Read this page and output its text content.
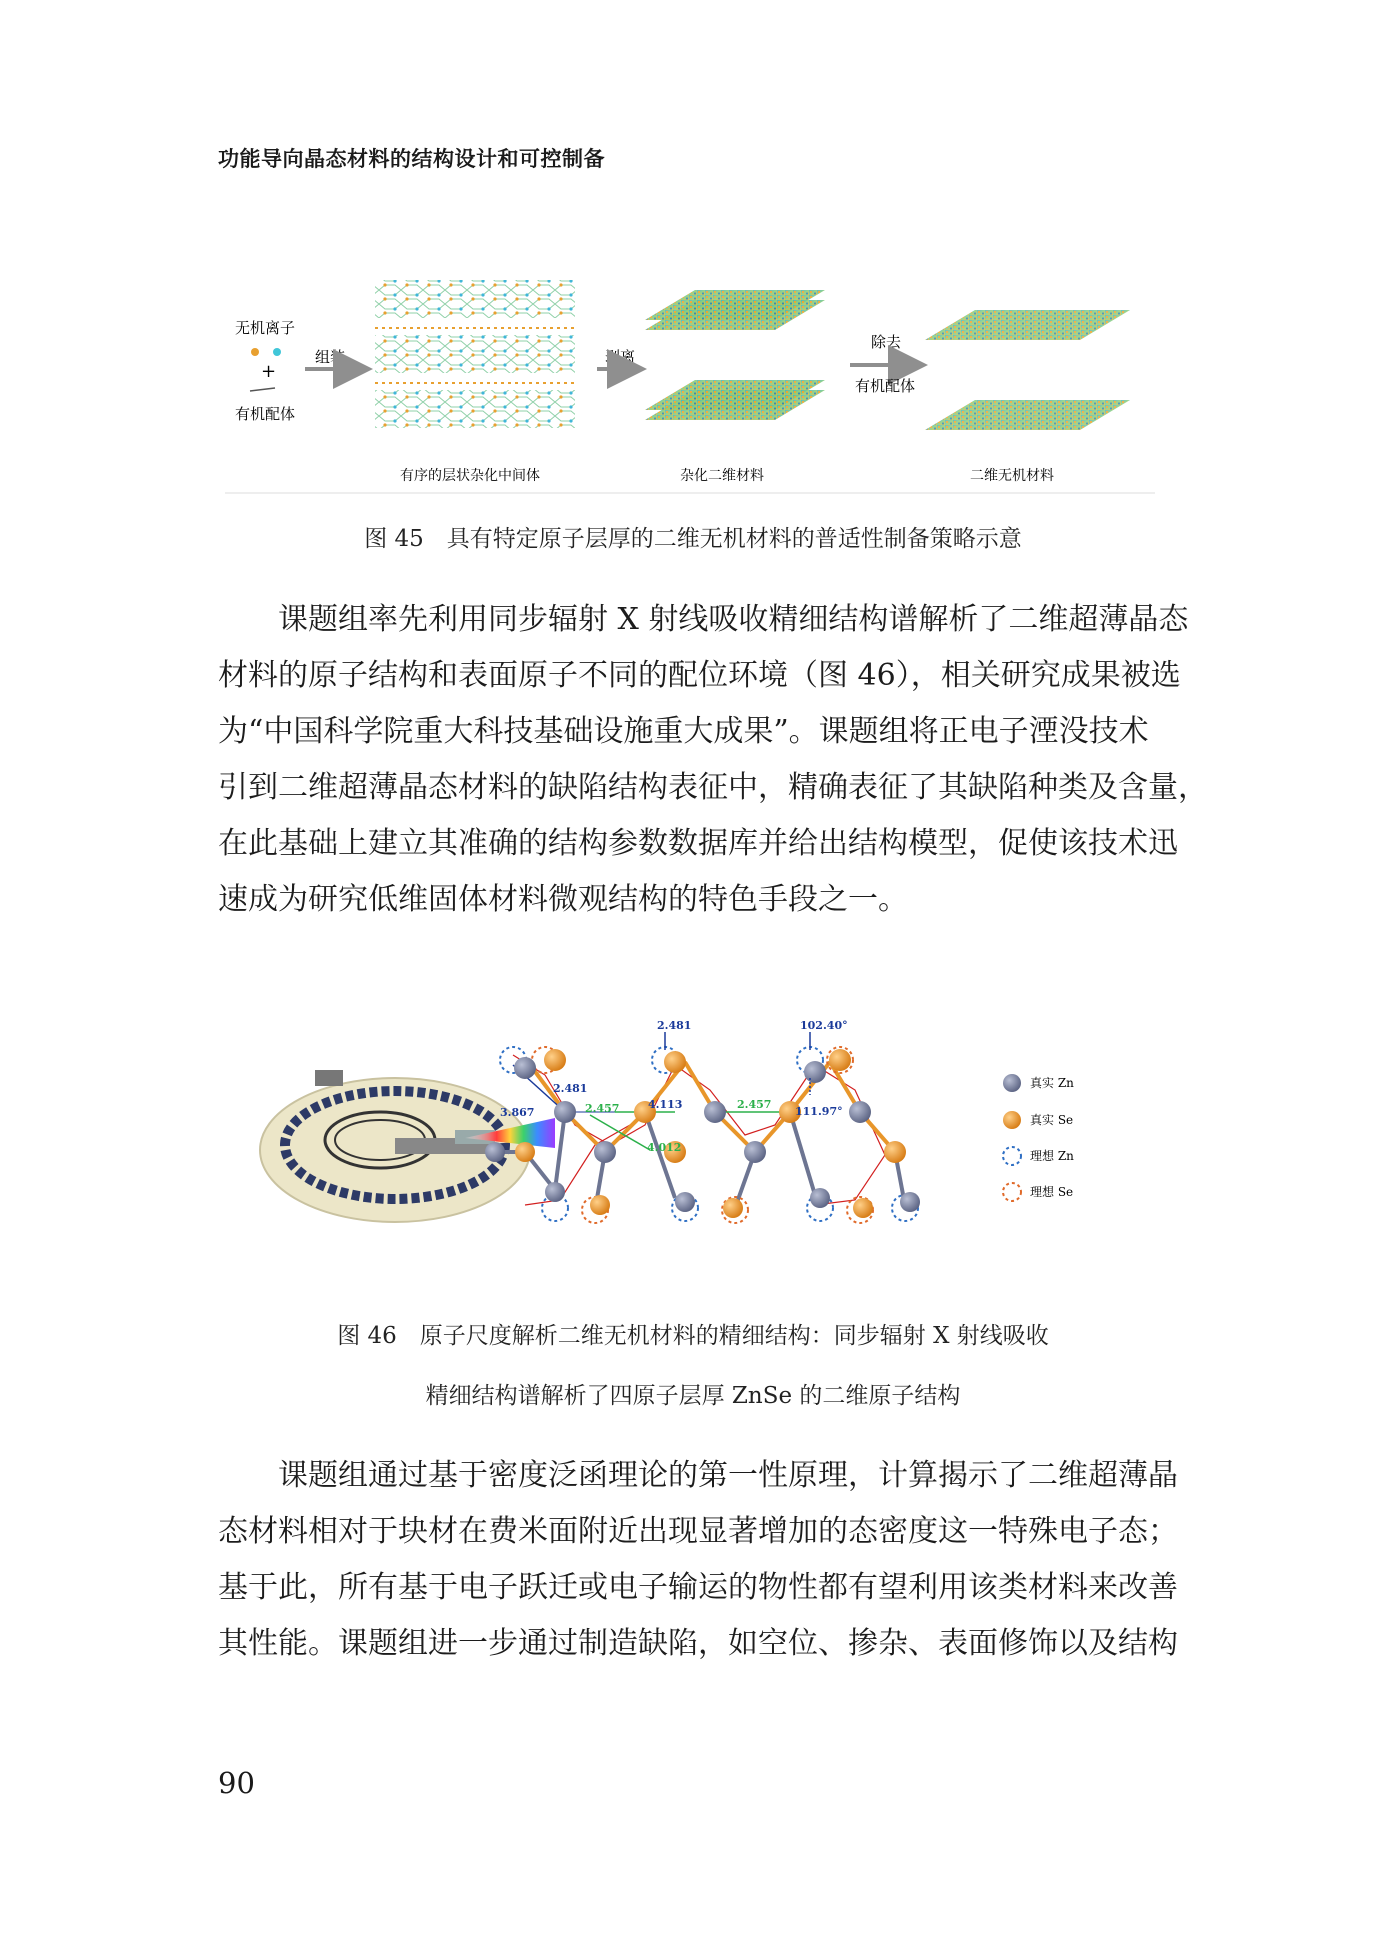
功能导向晶态材料的结构设计和可控制备
无机离子
+
有机配体
组装
有序的层状杂化中间体
剥离
杂化二维材料
除去
有机配体
二维无机材料
图 45　具有特定原子层厚的二维无机材料的普适性制备策略示意
课题组率先利用同步辐射 X 射线吸收精细结构谱解析了二维超薄晶态
材料的原子结构和表面原子不同的配位环境（图 46），相关研究成果被选
为“中国科学院重大科技基础设施重大成果”。课题组将正电子湮没技术
引到二维超薄晶态材料的缺陷结构表征中，精确表征了其缺陷种类及含量，
在此基础上建立其准确的结构参数数据库并给出结构模型，促使该技术迅
速成为研究低维固体材料微观结构的特色手段之一。
2.481
2.481
3.867	2.457	4.113
4.012
2.457
102.40°
111.97°
真实 Zn
真实 Se
理想 Zn
理想 Se
图 46　原子尺度解析二维无机材料的精细结构：同步辐射 X 射线吸收
精细结构谱解析了四原子层厚 ZnSe 的二维原子结构
课题组通过基于密度泛函理论的第一性原理，计算揭示了二维超薄晶
态材料相对于块材在费米面附近出现显著增加的态密度这一特殊电子态；
基于此，所有基于电子跃迁或电子输运的物性都有望利用该类材料来改善
其性能。课题组进一步通过制造缺陷，如空位、掺杂、表面修饰以及结构
90
